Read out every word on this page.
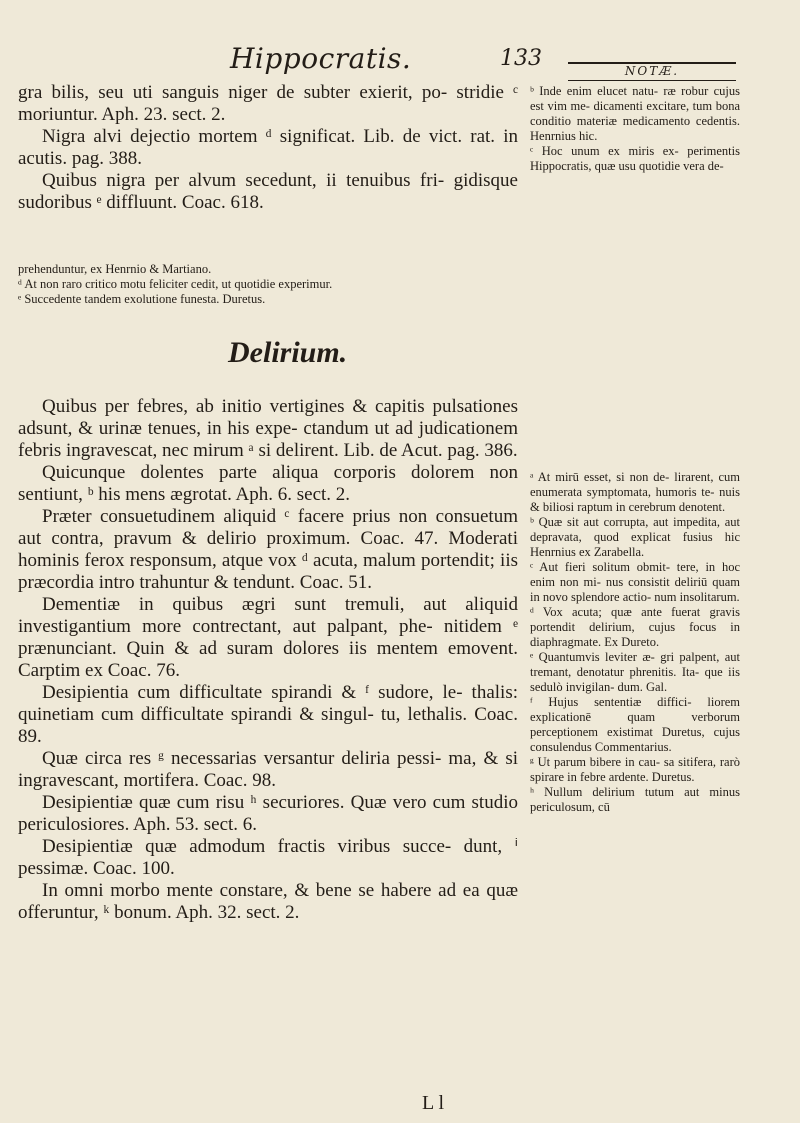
Hippocratis.	133	NOTÆ.

gra bilis, seu uti sanguis niger de subter exierit, po- stridie ᶜ moriuntur. Aph. 23. sect. 2.

Nigra alvi dejectio mortem ᵈ significat. Lib. de vict. rat. in acutis. pag. 388.

Quibus nigra per alvum secedunt, ii tenuibus fri- gidisque sudoribus ᵉ diffluunt. Coac. 618.

ᵇ Inde enim elucet natu- ræ robur cujus est vim me- dicamenti excitare, tum bona conditio materiæ medicamento cedentis. Henrnius hic.

ᶜ Hoc unum ex miris ex- perimentis Hippocratis, quæ usu quotidie vera de-

prehenduntur, ex Henrnio & Martiano.

ᵈ At non raro critico motu feliciter cedit, ut quotidie experimur.

ᵉ Succedente tandem exolutione funesta. Duretus.

Delirium.

Quibus per febres, ab initio vertigines & capitis pulsationes adsunt, & urinæ tenues, in his expe- ctandum ut ad judicationem febris ingravescat, nec mirum ᵃ si delirent. Lib. de Acut. pag. 386.

Quicunque dolentes parte aliqua corporis dolorem non sentiunt, ᵇ his mens ægrotat. Aph. 6. sect. 2.

Præter consuetudinem aliquid ᶜ facere prius non consuetum aut contra, pravum & delirio proximum. Coac. 47. Moderati hominis ferox responsum, atque vox ᵈ acuta, malum portendit; iis præcordia intro trahuntur & tendunt. Coac. 51.

Dementiæ in quibus ægri sunt tremuli, aut aliquid investigantium more contrectant, aut palpant, phe- nitidem ᵉ prænunciant. Quin & ad suram dolores iis mentem emovent. Carptim ex Coac. 76.

Desipientia cum difficultate spirandi & ᶠ sudore, le- thalis: quinetiam cum difficultate spirandi & singul- tu, lethalis. Coac. 89.

Quæ circa res ᵍ necessarias versantur deliria pessi- ma, & si ingravescant, mortifera. Coac. 98.

Desipientiæ quæ cum risu ʰ securiores. Quæ vero cum studio periculosiores. Aph. 53. sect. 6.

Desipientiæ quæ admodum fractis viribus succe- dunt, ⁱ pessimæ. Coac. 100.

In omni morbo mente constare, & bene se habere ad ea quæ offeruntur, ᵏ bonum. Aph. 32. sect. 2.

ᵃ At mirū esset, si non de- lirarent, cum enumerata symptomata, humoris te- nuis & biliosi raptum in cerebrum denotent.

ᵇ Quæ sit aut corrupta, aut impedita, aut depravata, quod explicat fusius hic Henrnius ex Zarabella.

ᶜ Aut fieri solitum obmit- tere, in hoc enim non mi- nus consistit deliriū quam in novo splendore actio- num insolitarum.

ᵈ Vox acuta; quæ ante fuerat gravis portendit delirium, cujus focus in diaphragmate. Ex Dureto.

ᵉ Quantumvis leviter æ- gri palpent, aut tremant, denotatur phrenitis. Ita- que iis sedulò invigilan- dum. Gal.

ᶠ Hujus sententiæ diffici- liorem explicationē quam verborum perceptionem existimat Duretus, cujus consulendus Commentarius.

ᵍ Ut parum bibere in cau- sa sitifera, rarò spirare in febre ardente. Duretus.

ʰ Nullum delirium tutum aut minus periculosum, cū

L l
